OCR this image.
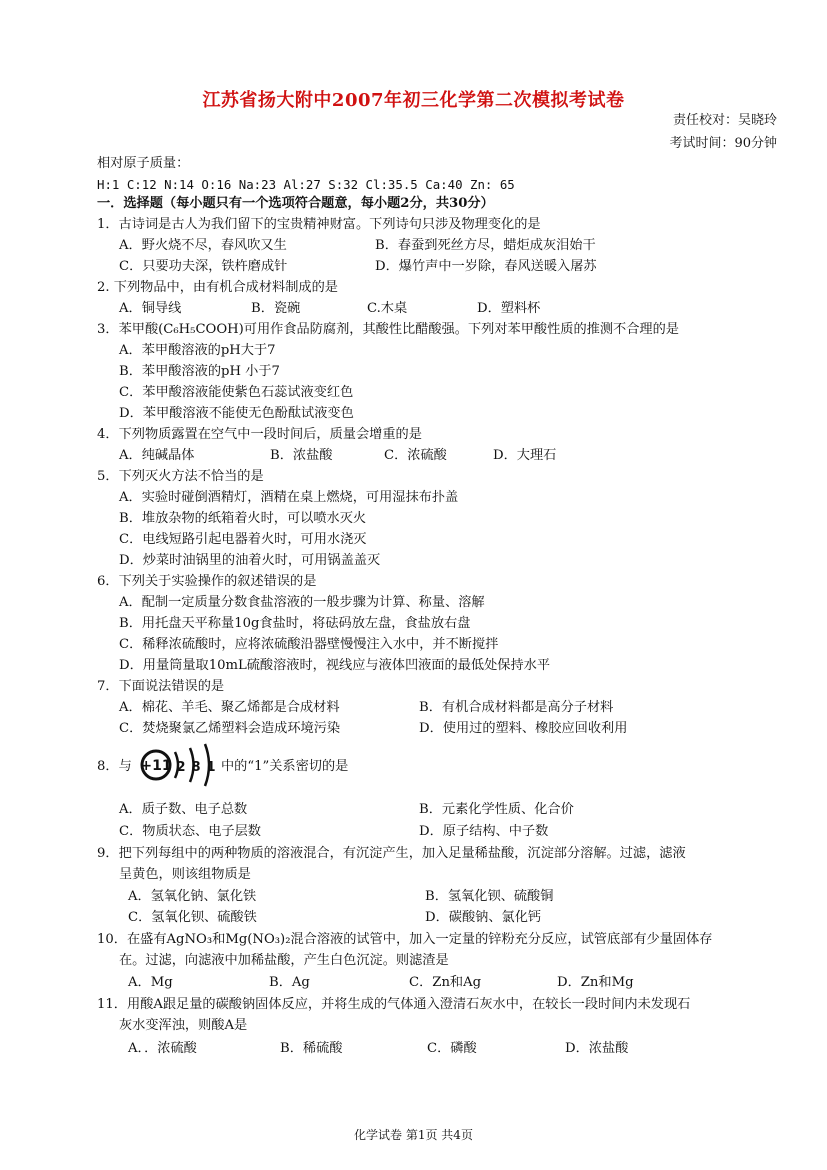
江苏省扬大附中2007年初三化学第二次模拟考试卷
责任校对：吴晓玲
考试时间：90分钟
相对原子质量：
H:1 C:12 N:14 O:16 Na:23 Al:27 S:32 Cl:35.5 Ca:40 Zn: 65
一．选择题（每小题只有一个选项符合题意，每小题2分，共30分）
1．古诗词是古人为我们留下的宝贵精神财富。下列诗句只涉及物理变化的是
A．野火烧不尽，春风吹又生	B．春蚕到死丝方尽，蜡炬成灰泪始干
C．只要功夫深，铁杵磨成针	D．爆竹声中一岁除，春风送暖入屠苏
2. 下列物品中，由有机合成材料制成的是
A．铜导线	B．瓷碗	C.木桌	D．塑料杯
3．苯甲酸(C₆H₅COOH)可用作食品防腐剂，其酸性比醋酸强。下列对苯甲酸性质的推测不合理的是
A．苯甲酸溶液的pH大于7
B．苯甲酸溶液的pH 小于7
C．苯甲酸溶液能使紫色石蕊试液变红色
D．苯甲酸溶液不能使无色酚酞试液变色
4．下列物质露置在空气中一段时间后，质量会增重的是
A．纯碱晶体	B．浓盐酸	C．浓硫酸	D．大理石
5．下列灭火方法不恰当的是
A．实验时碰倒酒精灯，酒精在桌上燃烧，可用湿抹布扑盖
B．堆放杂物的纸箱着火时，可以喷水灭火
C．电线短路引起电器着火时，可用水浇灭
D．炒菜时油锅里的油着火时，可用锅盖盖灭
6．下列关于实验操作的叙述错误的是
A．配制一定质量分数食盐溶液的一般步骤为计算、称量、溶解
B．用托盘天平称量10g食盐时，将砝码放左盘，食盐放右盘
C．稀释浓硫酸时，应将浓硫酸沿器壁慢慢注入水中，并不断搅拌
D．用量筒量取10mL硫酸溶液时，视线应与液体凹液面的最低处保持水平
7．下面说法错误的是
A．棉花、羊毛、聚乙烯都是合成材料	B．有机合成材料都是高分子材料
C．焚烧聚氯乙烯塑料会造成环境污染	D．使用过的塑料、橡胶应回收利用
8．与 +11 2 8 1 中的“1”关系密切的是
A．质子数、电子总数	B．元素化学性质、化合价
C．物质状态、电子层数	D．原子结构、中子数
9．把下列每组中的两种物质的溶液混合，有沉淀产生，加入足量稀盐酸，沉淀部分溶解。过滤，滤液
呈黄色，则该组物质是
A．氢氧化钠、氯化铁	B．氢氧化钡、硫酸铜
C．氢氧化钡、硫酸铁	D．碳酸钠、氯化钙
10．在盛有AgNO₃和Mg(NO₃)₂混合溶液的试管中，加入一定量的锌粉充分反应，试管底部有少量固体存
在。过滤，向滤液中加稀盐酸，产生白色沉淀。则滤渣是
A．Mg	B．Ag	C．Zn和Ag	D．Zn和Mg
11．用酸A跟足量的碳酸钠固体反应，并将生成的气体通入澄清石灰水中，在较长一段时间内未发现石
灰水变浑浊，则酸A是
A．．浓硫酸	B．稀硫酸	C．磷酸	D．浓盐酸
化学试卷 第1页 共4页
